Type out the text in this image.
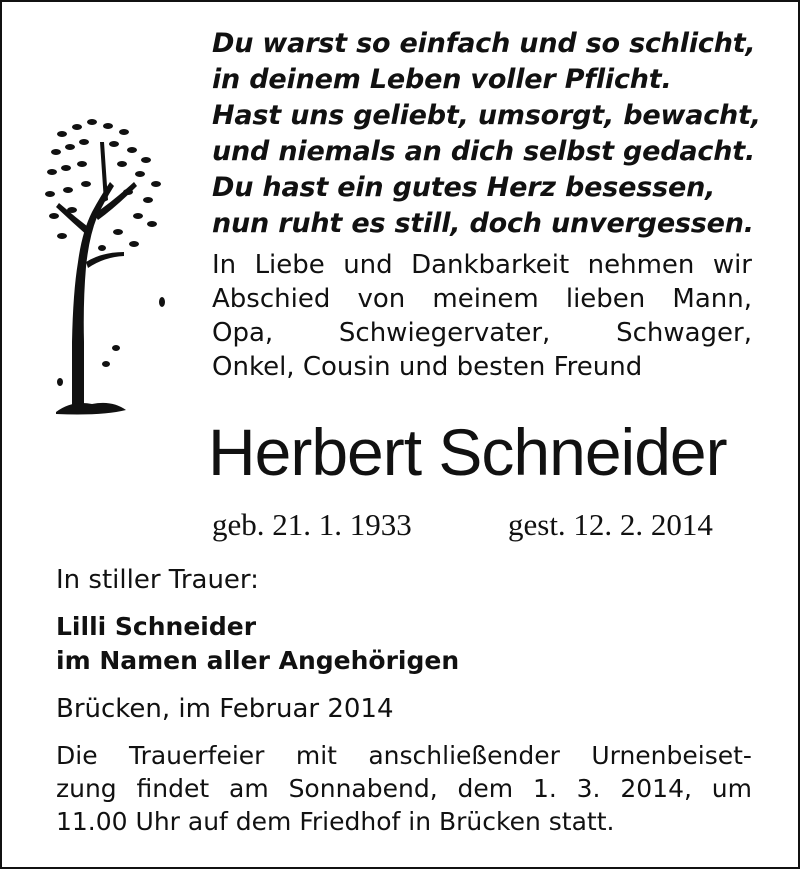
Du warst so einfach und so schlicht,
in deinem Leben voller Pflicht.
Hast uns geliebt, umsorgt, bewacht,
und niemals an dich selbst gedacht.
Du hast ein gutes Herz besessen,
nun ruht es still, doch unvergessen.
In Liebe und Dankbarkeit nehmen wir
Abschied von meinem lieben Mann,
Opa,	Schwiegervater,	Schwager,
Onkel, Cousin und besten Freund
Herbert Schneider
geb. 21. 1. 1933	gest. 12. 2. 2014
In stiller Trauer:
Lilli Schneider
im Namen aller Angehörigen
Brücken, im Februar 2014
Die Trauerfeier mit anschließender Urnenbeiset-
zung findet am Sonnabend, dem 1. 3. 2014, um
11.00 Uhr auf dem Friedhof in Brücken statt.
